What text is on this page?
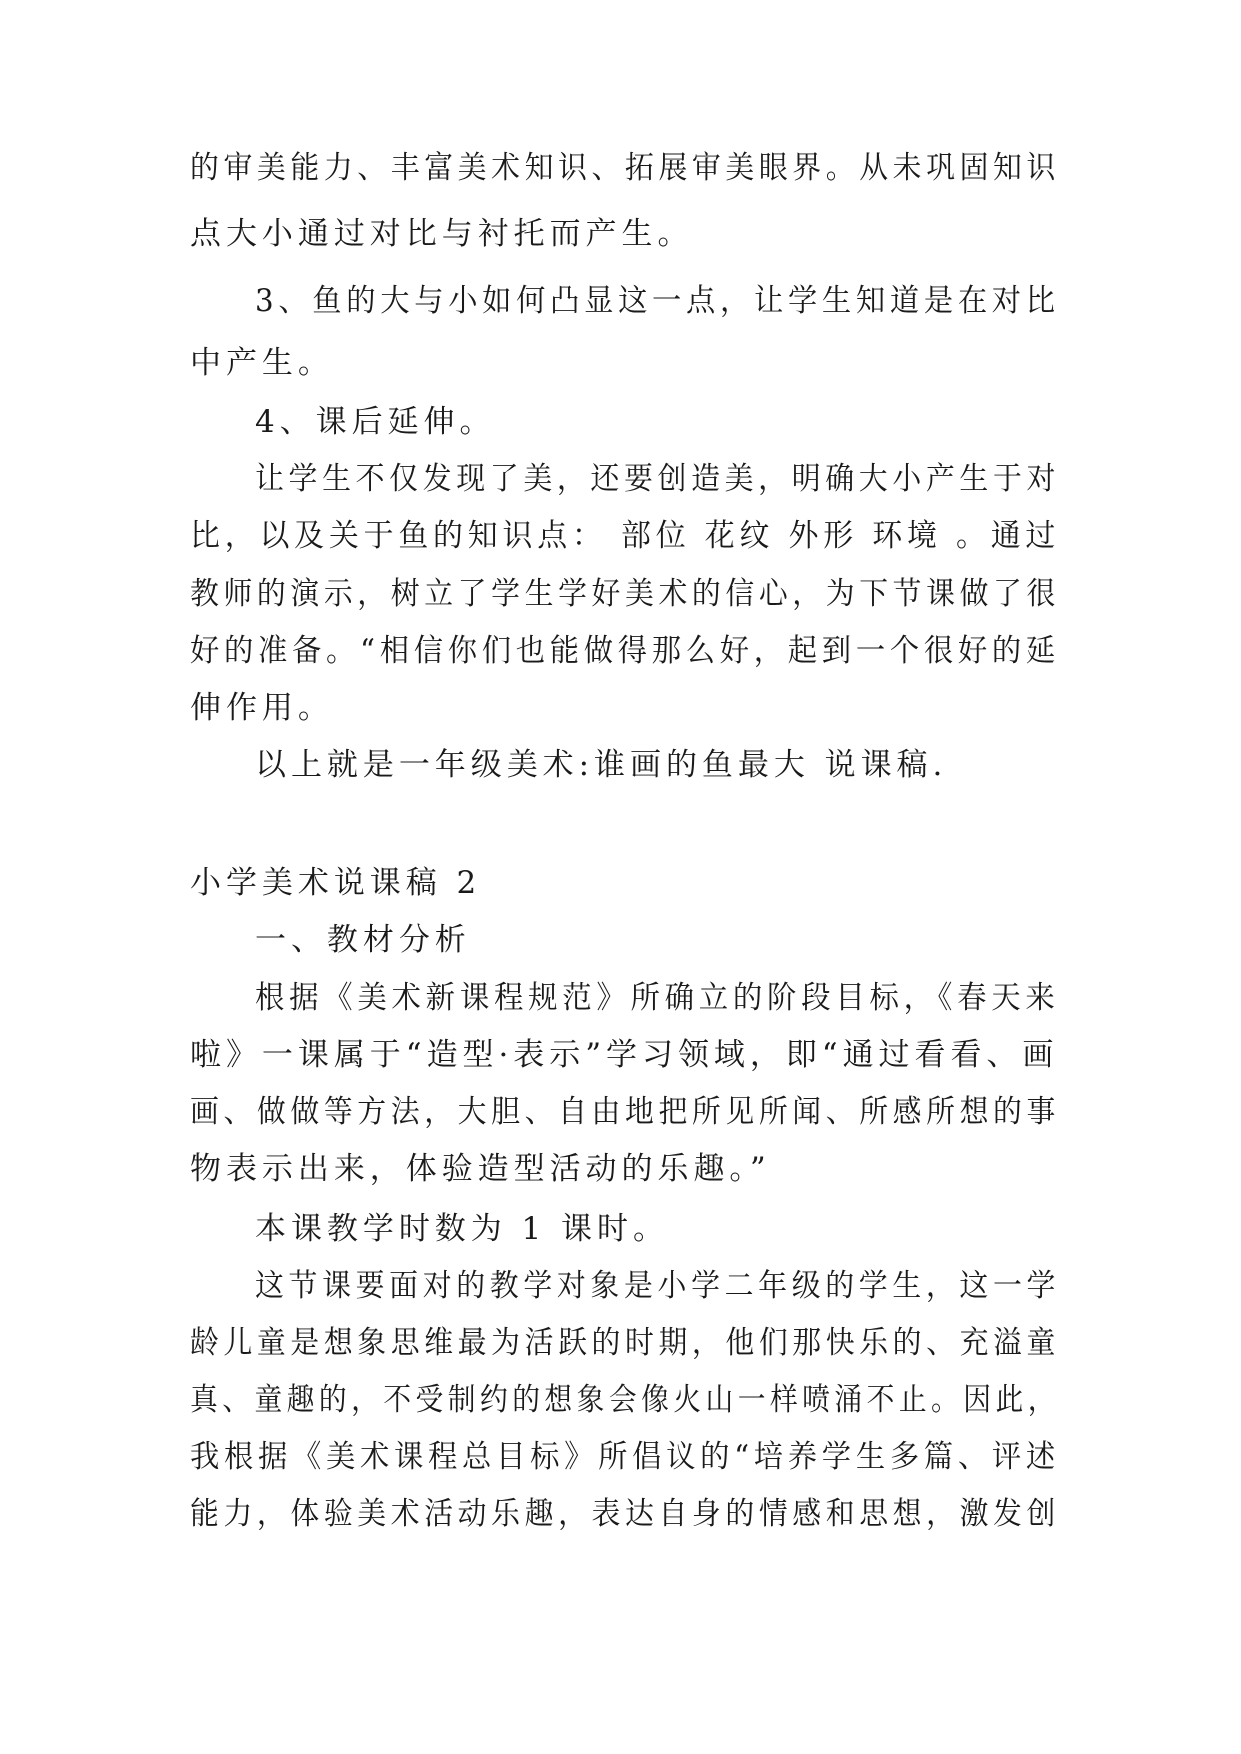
的审美能力、丰富美术知识、拓展审美眼界。从未巩固知识
点大小通过对比与衬托而产生。
3、鱼的大与小如何凸显这一点，让学生知道是在对比
中产生。
4、课后延伸。
让学生不仅发现了美，还要创造美，明确大小产生于对
比，以及关于鱼的知识点： 部位 花纹 外形 环境 。通过
教师的演示，树立了学生学好美术的信心，为下节课做了很
好的准备。“相信你们也能做得那么好，起到一个很好的延
伸作用。
以上就是一年级美术:谁画的鱼最大 说课稿.
小学美术说课稿 2
一、教材分析
根据《美术新课程规范》所确立的阶段目标，《春天来
啦》一课属于“造型·表示”学习领域，即“通过看看、画
画、做做等方法，大胆、自由地把所见所闻、所感所想的事
物表示出来，体验造型活动的乐趣。”
本课教学时数为 1 课时。
这节课要面对的教学对象是小学二年级的学生，这一学
龄儿童是想象思维最为活跃的时期，他们那快乐的、充溢童
真、童趣的，不受制约的想象会像火山一样喷涌不止。因此，
我根据《美术课程总目标》所倡议的“培养学生多篇、评述
能力，体验美术活动乐趣，表达自身的情感和思想，激发创
